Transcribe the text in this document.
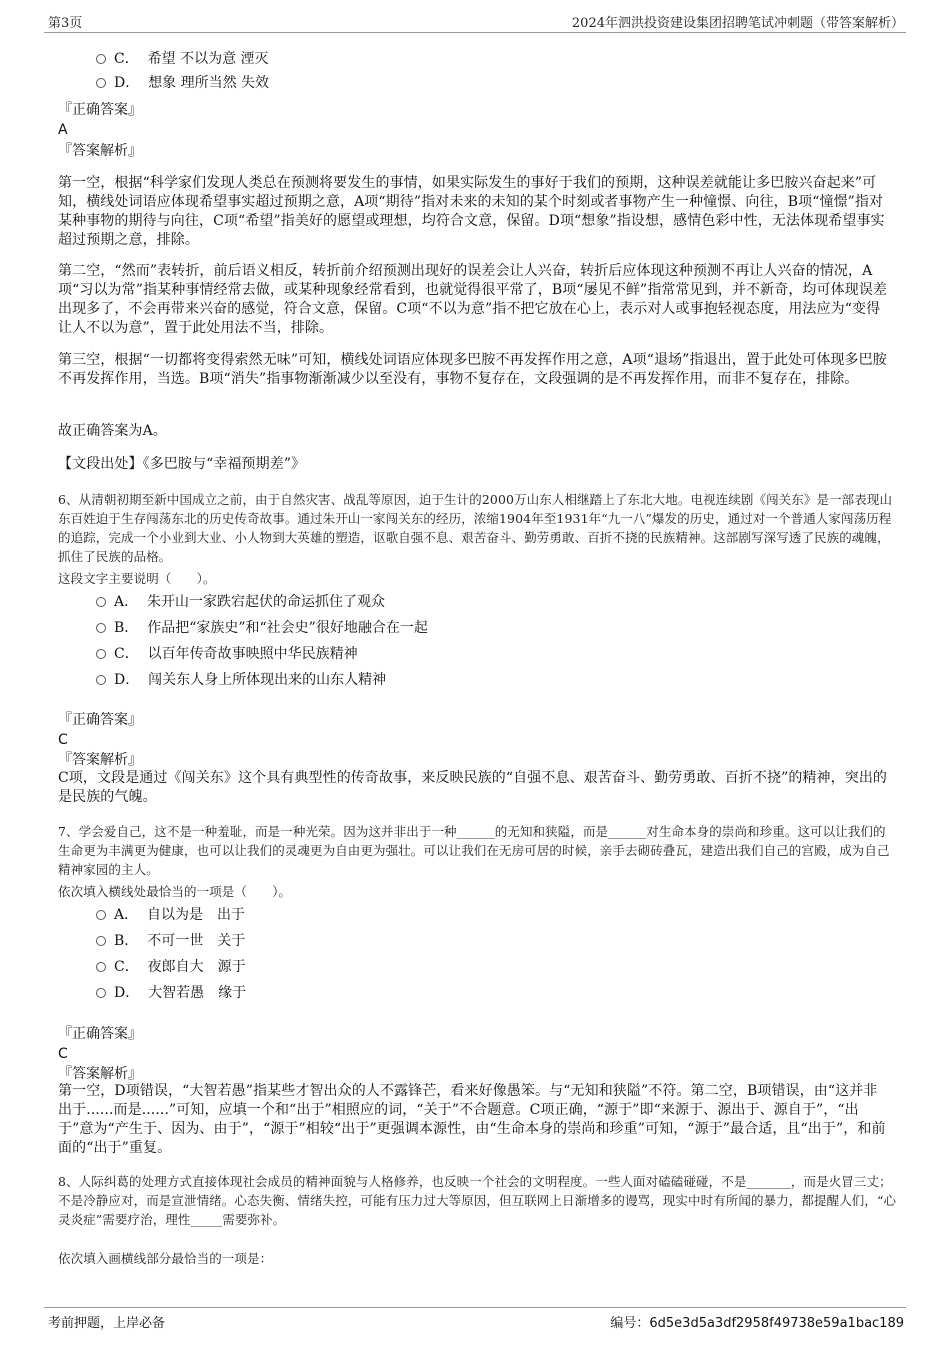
第3页	2024年泗洪投资建设集团招聘笔试冲刺题（带答案解析）
C． 希望 不以为意 湮灭
D． 想象 理所当然 失效
『正确答案』
A
『答案解析』
第一空，根据“科学家们发现人类总在预测将要发生的事情，如果实际发生的事好于我们的预期，这种误差就能让多巴胺兴奋起来”可知，横线处词语应体现希望事实超过预期之意，A项“期待”指对未来的未知的某个时刻或者事物产生一种憧憬、向往，B项“憧憬”指对某种事物的期待与向往，C项“希望”指美好的愿望或理想，均符合文意，保留。D项“想象”指设想，感情色彩中性，无法体现希望事实超过预期之意，排除。
第二空，“然而”表转折，前后语义相反，转折前介绍预测出现好的误差会让人兴奋，转折后应体现这种预测不再让人兴奋的情况，A项“习以为常”指某种事情经常去做，或某种现象经常看到，也就觉得很平常了，B项“屡见不鲜”指常常见到，并不新奇，均可体现误差出现多了，不会再带来兴奋的感觉，符合文意，保留。C项“不以为意”指不把它放在心上，表示对人或事抱轻视态度，用法应为“变得让人不以为意”，置于此处用法不当，排除。
第三空，根据“一切都将变得索然无味”可知，横线处词语应体现多巴胺不再发挥作用之意，A项“退场”指退出，置于此处可体现多巴胺不再发挥作用，当选。B项“消失”指事物渐渐减少以至没有，事物不复存在，文段强调的是不再发挥作用，而非不复存在，排除。
故正确答案为A。
【文段出处】《多巴胺与“幸福预期差”》
6、从清朝初期至新中国成立之前，由于自然灾害、战乱等原因，迫于生计的2000万山东人相继踏上了东北大地。电视连续剧《闯关东》是一部表现山东百姓迫于生存闯荡东北的历史传奇故事。通过朱开山一家闯关东的经历，浓缩1904年至1931年“九一八”爆发的历史，通过对一个普通人家闯荡历程的追踪，完成一个小业到大业、小人物到大英雄的塑造，讴歌自强不息、艰苦奋斗、勤劳勇敢、百折不挠的民族精神。这部剧写深写透了民族的魂魄，抓住了民族的品格。
这段文字主要说明（　　）。
A． 朱开山一家跌宕起伏的命运抓住了观众
B． 作品把“家族史”和“社会史”很好地融合在一起
C． 以百年传奇故事映照中华民族精神
D． 闯关东人身上所体现出来的山东人精神
『正确答案』
C
『答案解析』
C项，文段是通过《闯关东》这个具有典型性的传奇故事，来反映民族的“自强不息、艰苦奋斗、勤劳勇敢、百折不挠”的精神，突出的是民族的气魄。
7、学会爱自己，这不是一种羞耻，而是一种光荣。因为这并非出于一种______的无知和狭隘，而是______对生命本身的崇尚和珍重。这可以让我们的生命更为丰满更为健康，也可以让我们的灵魂更为自由更为强壮。可以让我们在无房可居的时候，亲手去砌砖叠瓦，建造出我们自己的宫殿，成为自己精神家园的主人。
依次填入横线处最恰当的一项是（　　）。
A． 自以为是　出于
B． 不可一世　关于
C． 夜郎自大　源于
D． 大智若愚　缘于
『正确答案』
C
『答案解析』
第一空，D项错误，“大智若愚”指某些才智出众的人不露锋芒，看来好像愚笨。与“无知和狭隘”不符。第二空，B项错误，由“这并非出于......而是......”可知，应填一个和“出于”相照应的词，“关于”不合题意。C项正确，“源于”即“来源于、源出于、源自于”，“出于”意为“产生于、因为、由于”，“源于”相较“出于”更强调本源性，由“生命本身的崇尚和珍重”可知，“源于”最合适，且“出于”，和前面的“出于”重复。
8、人际纠葛的处理方式直接体现社会成员的精神面貌与人格修养，也反映一个社会的文明程度。一些人面对磕磕碰碰，不是_______，而是火冒三丈；不是冷静应对，而是宣泄情绪。心态失衡、情绪失控，可能有压力过大等原因，但互联网上日渐增多的谩骂，现实中时有所闻的暴力，都提醒人们，“心灵炎症”需要疗治，理性_____需要弥补。
依次填入画横线部分最恰当的一项是：
考前押题，上岸必备	编号：6d5e3d5a3df2958f49738e59a1bac189
